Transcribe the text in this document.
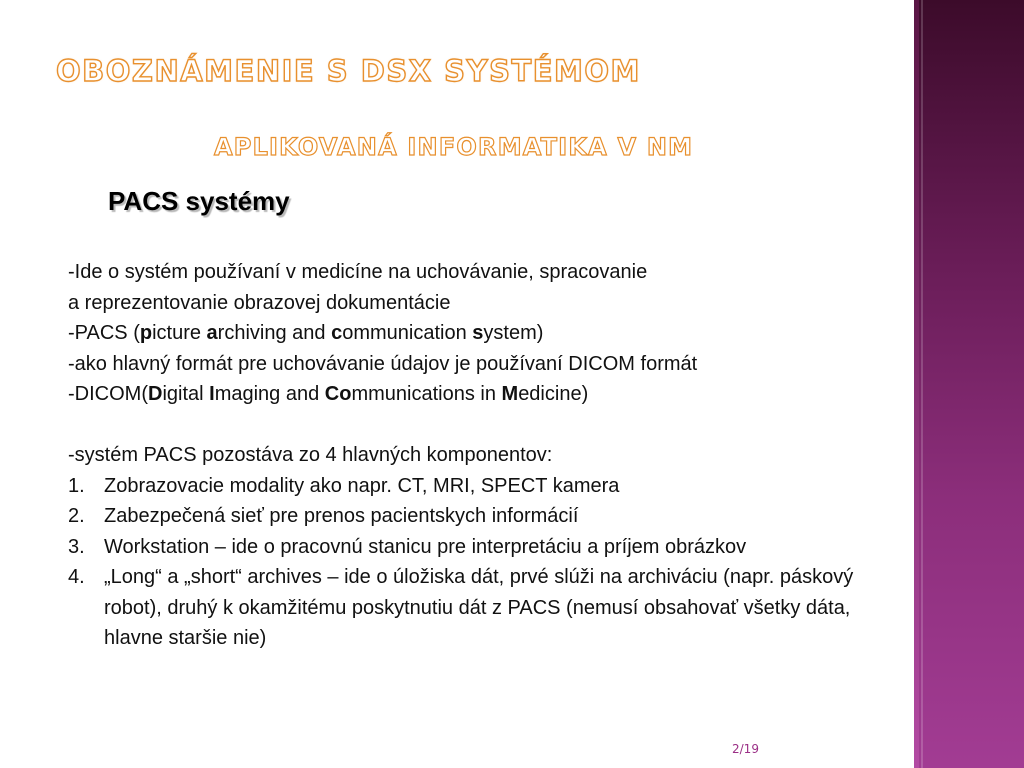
OBOZNÁMENIE S DSX SYSTÉMOM
APLIKOVANÁ INFORMATIKA V NM
PACS systémy
-Ide o systém používaní v medicíne na uchovávanie, spracovanie
a reprezentovanie obrazovej dokumentácie
-PACS (picture archiving and communication system)
-ako hlavný formát pre uchovávanie údajov je používaní DICOM formát
-DICOM(Digital Imaging and Communications in Medicine)
-systém PACS pozostáva zo 4 hlavných komponentov:
1. Zobrazovacie modality ako napr. CT, MRI, SPECT kamera
2. Zabezpečená sieť pre prenos pacientskych informácií
3. Workstation – ide o pracovnú stanicu pre interpretáciu a príjem obrázkov
4. „Long“ a „short“ archives – ide o úložiska dát, prvé slúži na archiváciu (napr. páskový robot), druhý k okamžitému poskytnutiu dát z PACS (nemusí obsahovať všetky dáta, hlavne staršie nie)
2/19
